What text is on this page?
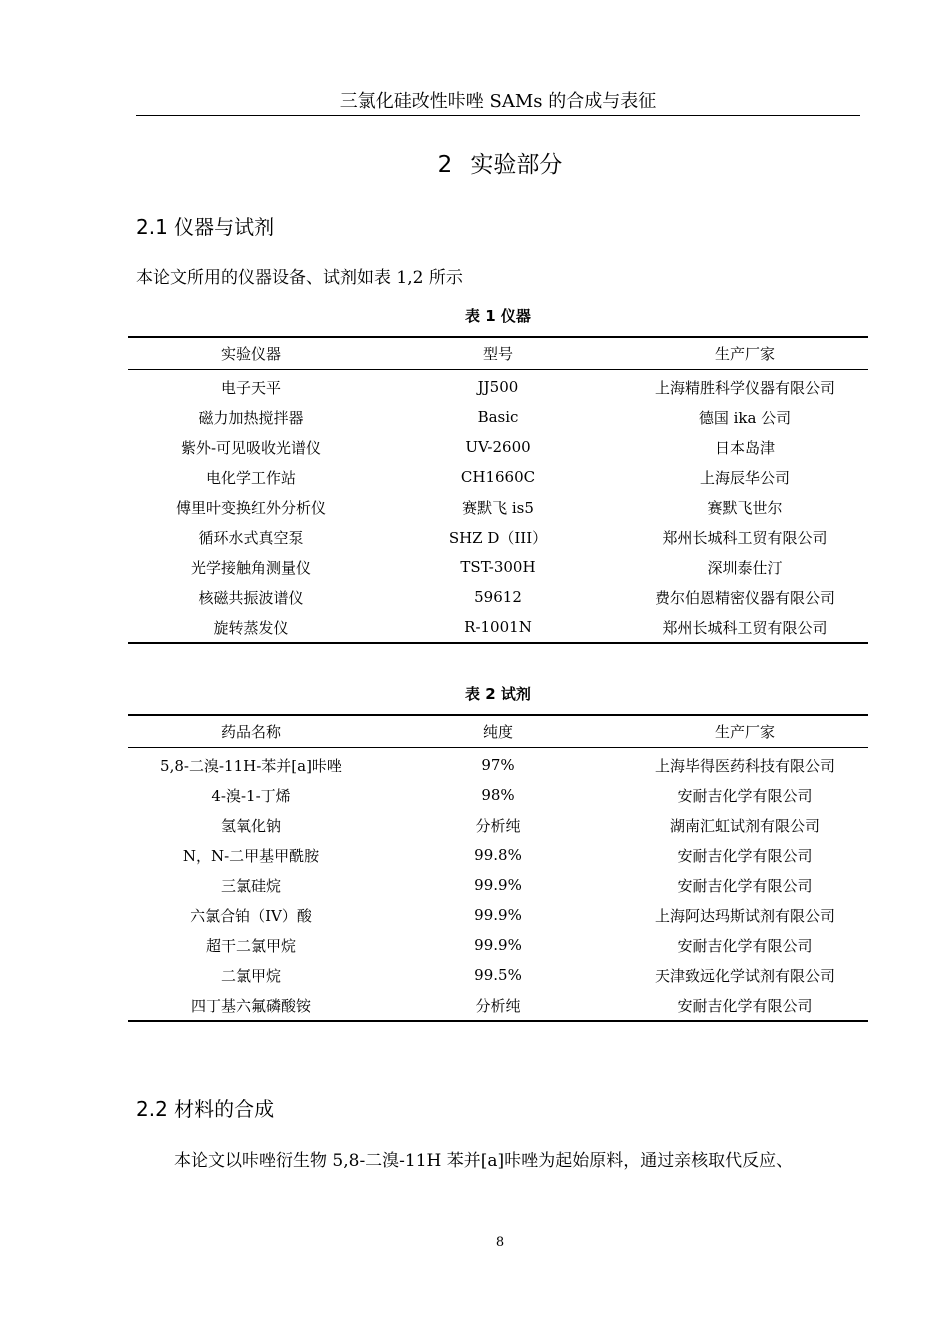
三氯化硅改性咔唑 SAMs 的合成与表征
2 实验部分
2.1 仪器与试剂
本论文所用的仪器设备、试剂如表 1,2 所示
表 1 仪器
实验仪器	型号	生产厂家
电子天平	JJ500	上海精胜科学仪器有限公司
磁力加热搅拌器	Basic	德国 ika 公司
紫外-可见吸收光谱仪	UV-2600	日本岛津
电化学工作站	CH1660C	上海辰华公司
傅里叶变换红外分析仪	赛默飞 is5	赛默飞世尔
循环水式真空泵	SHZ D（III）	郑州长城科工贸有限公司
光学接触角测量仪	TST-300H	深圳泰仕汀
核磁共振波谱仪	59612	费尔伯恩精密仪器有限公司
旋转蒸发仪	R-1001N	郑州长城科工贸有限公司
表 2 试剂
药品名称	纯度	生产厂家
5,8-二溴-11H-苯并[a]咔唑	97%	上海毕得医药科技有限公司
4-溴-1-丁烯	98%	安耐吉化学有限公司
氢氧化钠	分析纯	湖南汇虹试剂有限公司
N，N-二甲基甲酰胺	99.8%	安耐吉化学有限公司
三氯硅烷	99.9%	安耐吉化学有限公司
六氯合铂（IV）酸	99.9%	上海阿达玛斯试剂有限公司
超干二氯甲烷	99.9%	安耐吉化学有限公司
二氯甲烷	99.5%	天津致远化学试剂有限公司
四丁基六氟磷酸铵	分析纯	安耐吉化学有限公司
2.2 材料的合成
本论文以咔唑衍生物 5,8-二溴-11H 苯并[a]咔唑为起始原料，通过亲核取代反应、
8
